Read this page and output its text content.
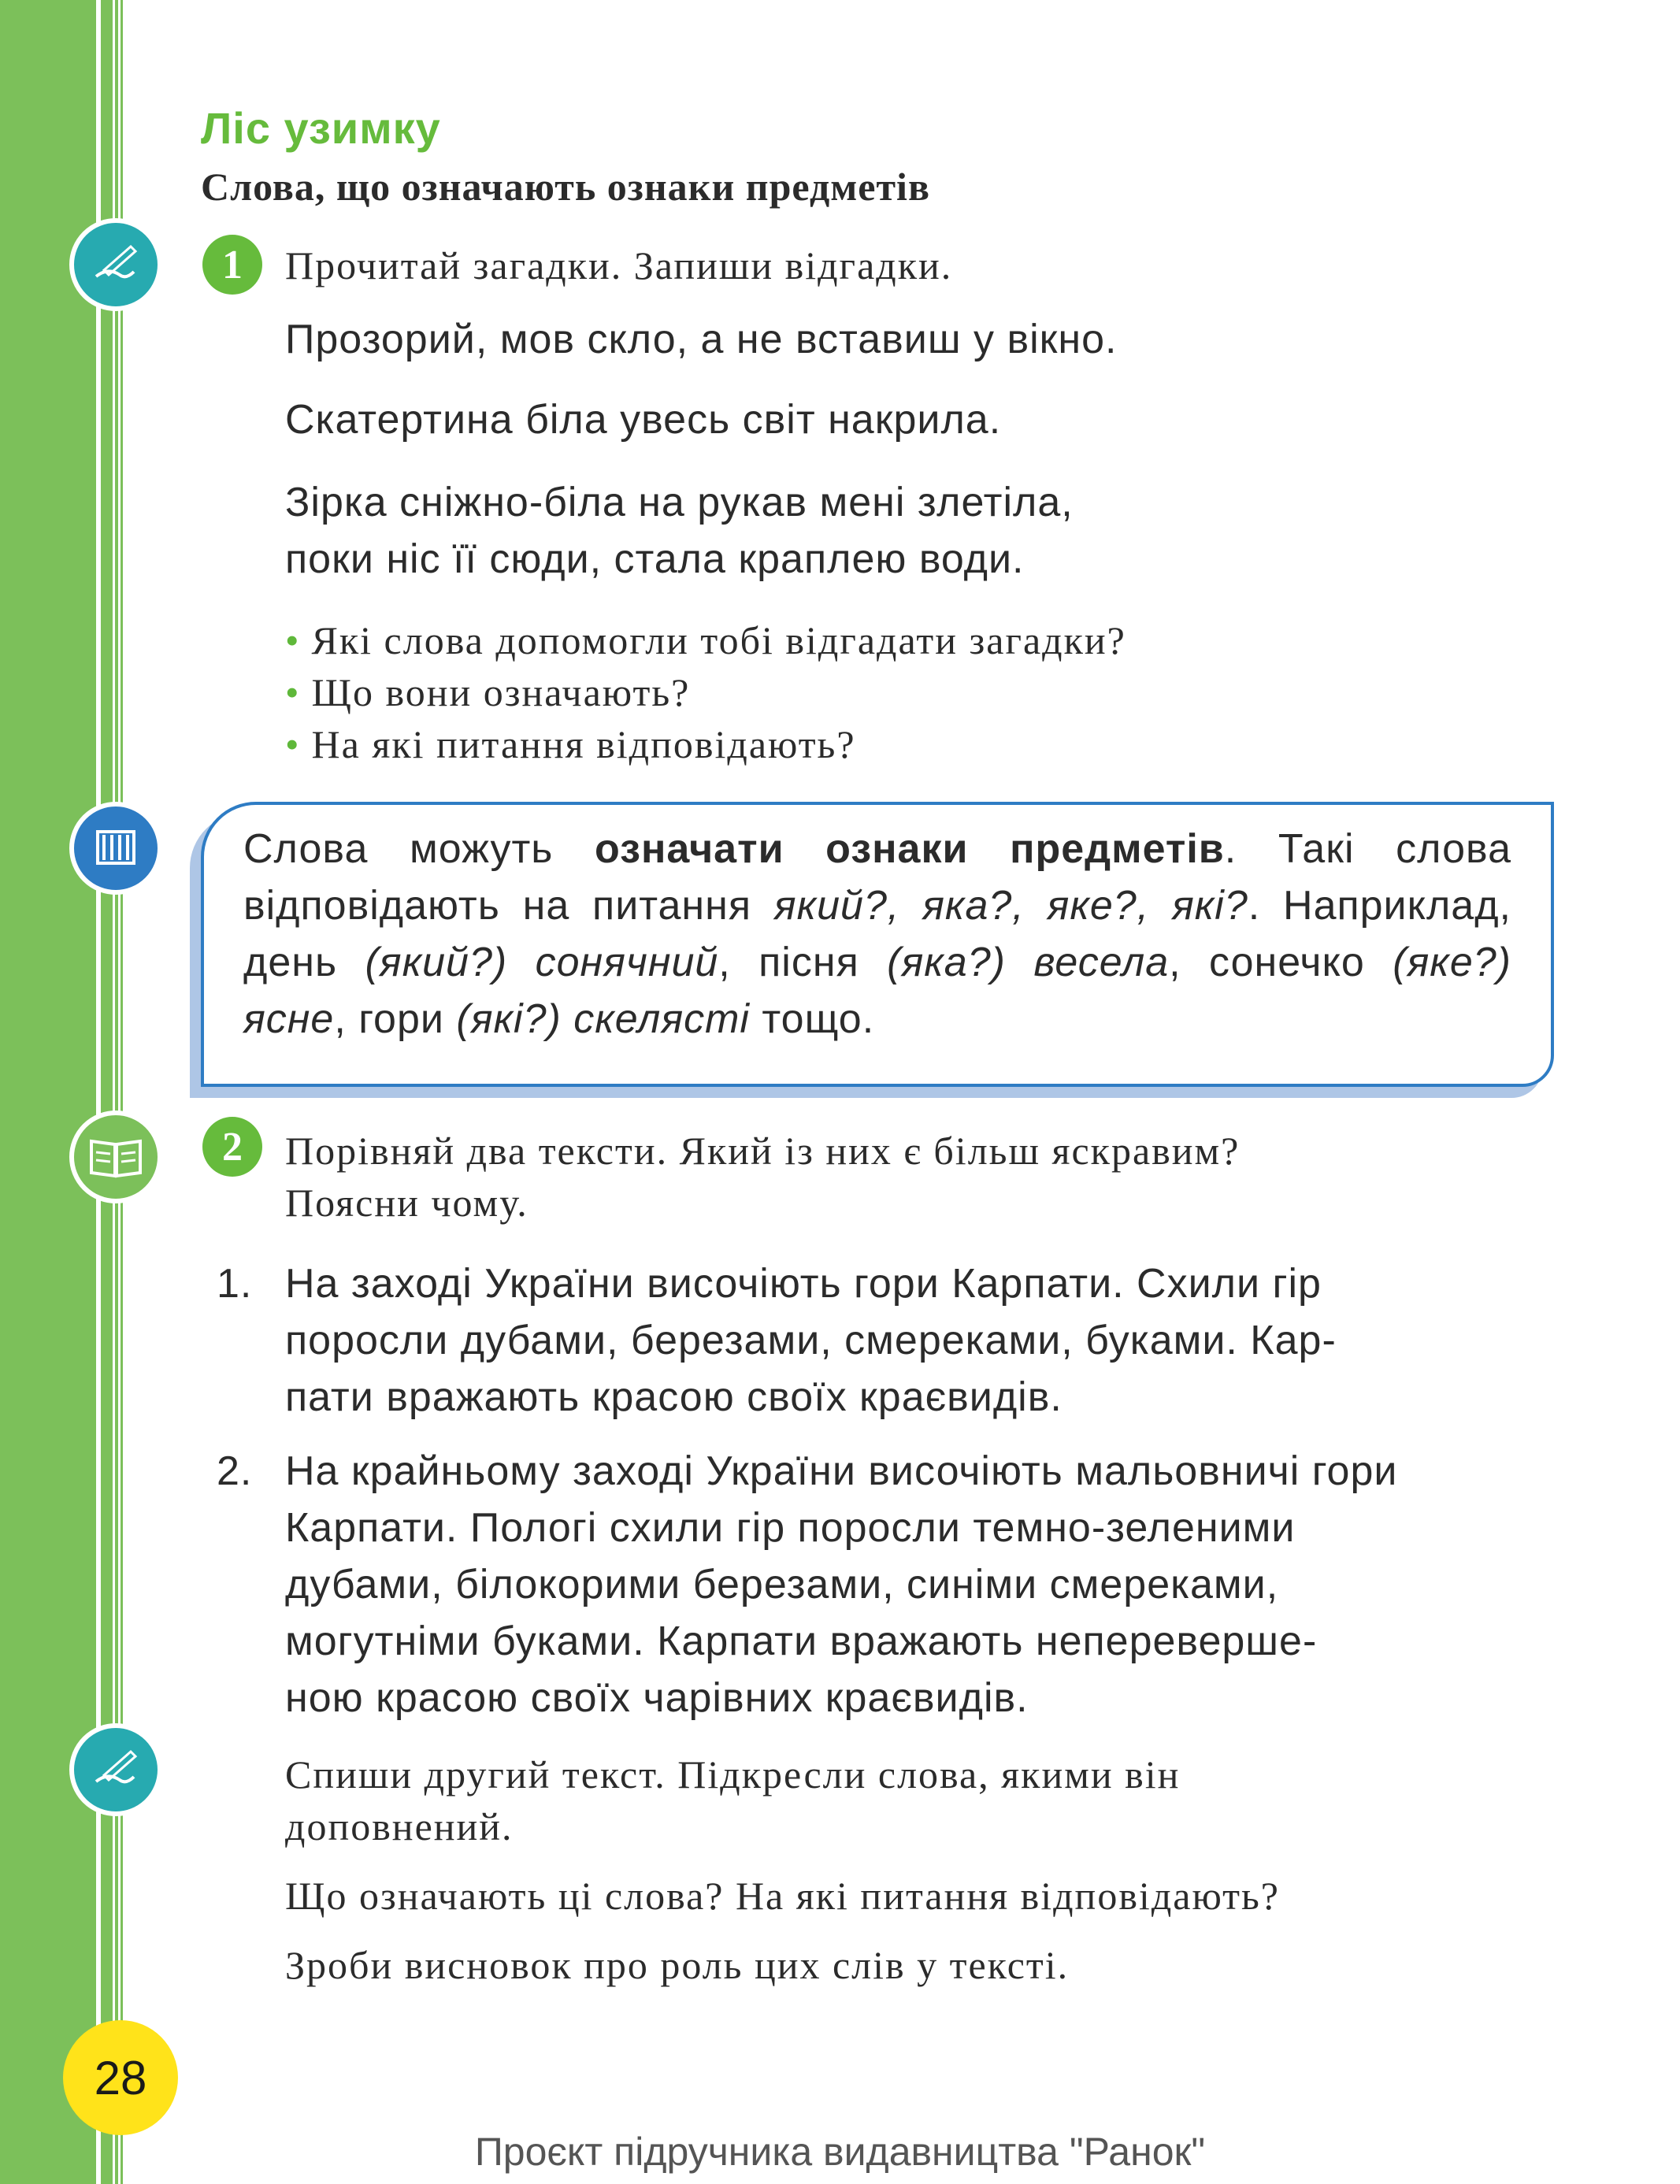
Ліс узимку
Слова, що означають ознаки предметів
1	Прочитай загадки. Запиши відгадки.
Прозорий, мов скло, а не вставиш у вікно.
Скатертина біла увесь світ накрила.
Зірка сніжно-біла на рукав мені злетіла,
поки ніс її сюди, стала краплею води.
• Які слова допомогли тобі відгадати загадки?
• Що вони означають?
• На які питання відповідають?
Слова можуть означати ознаки предметів. Такі слова відповідають на питання який?, яка?, яке?, які?. Наприклад, день (який?) сонячний, пісня (яка?) весела, сонечко (яке?) ясне, гори (які?) скелясті тощо.
2	Порівняй два тексти. Який із них є більш яскравим?
Поясни чому.
1. На заході України височіють гори Карпати. Схили гір
поросли дубами, березами, смереками, буками. Кар-
пати вражають красою своїх краєвидів.
2. На крайньому заході України височіють мальовничі гори
Карпати. Пологі схили гір поросли темно-зеленими
дубами, білокорими березами, синіми смереками,
могутніми буками. Карпати вражають неперевершe-
ною красою своїх чарівних краєвидів.
Спиши другий текст. Підкресли слова, якими він
доповнений.
Що означають ці слова? На які питання відповідають?
Зроби висновок про роль цих слів у тексті.
28
Проєкт підручника видавництва "Ранок"
